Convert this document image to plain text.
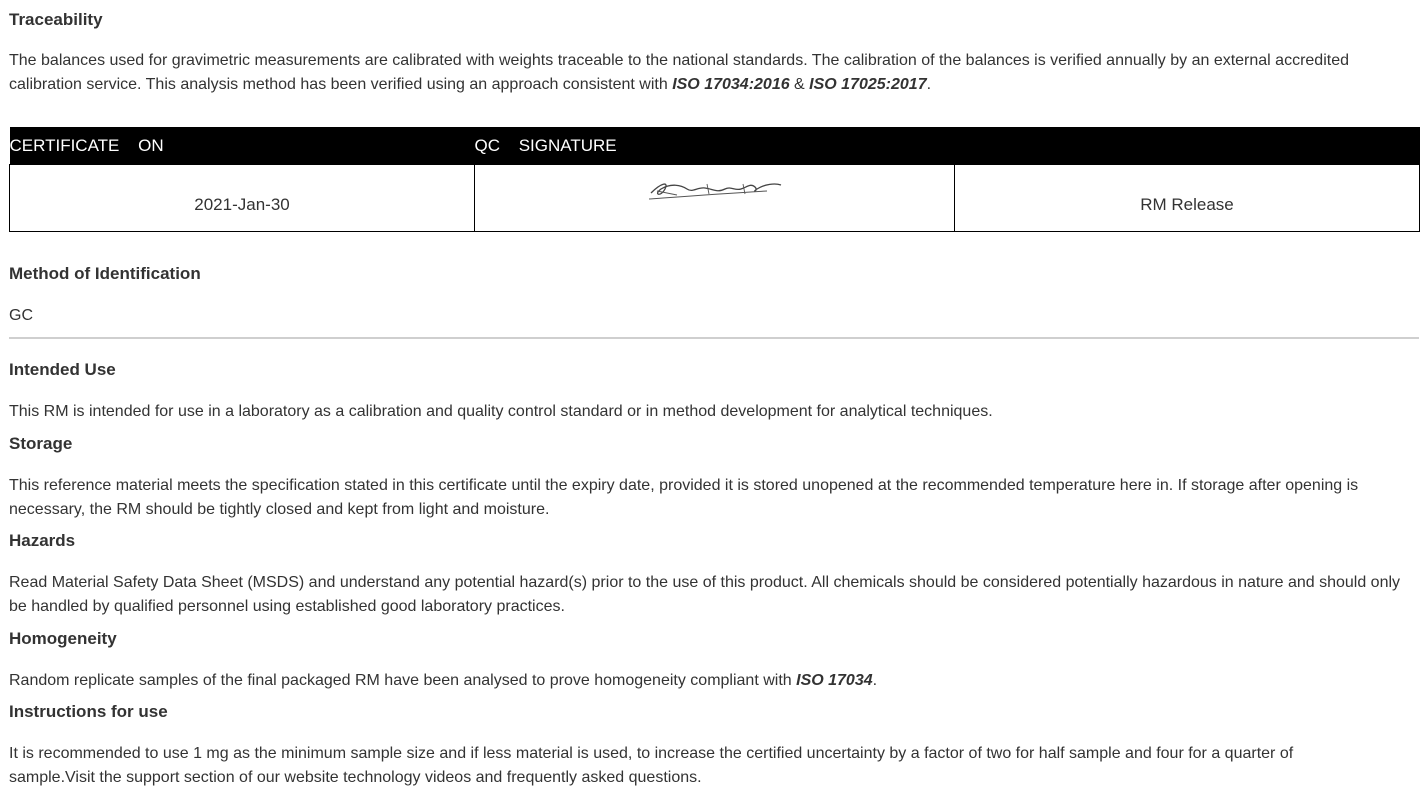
Traceability

The balances used for gravimetric measurements are calibrated with weights traceable to the national standards. The calibration of the balances is verified annually by an external accredited calibration service. This analysis method has been verified using an approach consistent with ISO 17034:2016 & ISO 17025:2017.

CERTIFICATE ON	QC SIGNATURE	
2021-Jan-30		RM Release
Method of Identification

GC

Intended Use

This RM is intended for use in a laboratory as a calibration and quality control standard or in method development for analytical techniques.

Storage

This reference material meets the specification stated in this certificate until the expiry date, provided it is stored unopened at the recommended temperature here in. If storage after opening is necessary, the RM should be tightly closed and kept from light and moisture.

Hazards

Read Material Safety Data Sheet (MSDS) and understand any potential hazard(s) prior to the use of this product. All chemicals should be considered potentially hazardous in nature and should only be handled by qualified personnel using established good laboratory practices.

Homogeneity

Random replicate samples of the final packaged RM have been analysed to prove homogeneity compliant with ISO 17034.

Instructions for use

It is recommended to use 1 mg as the minimum sample size and if less material is used, to increase the certified uncertainty by a factor of two for half sample and four for a quarter of sample.Visit the support section of our website technology videos and frequently asked questions.
